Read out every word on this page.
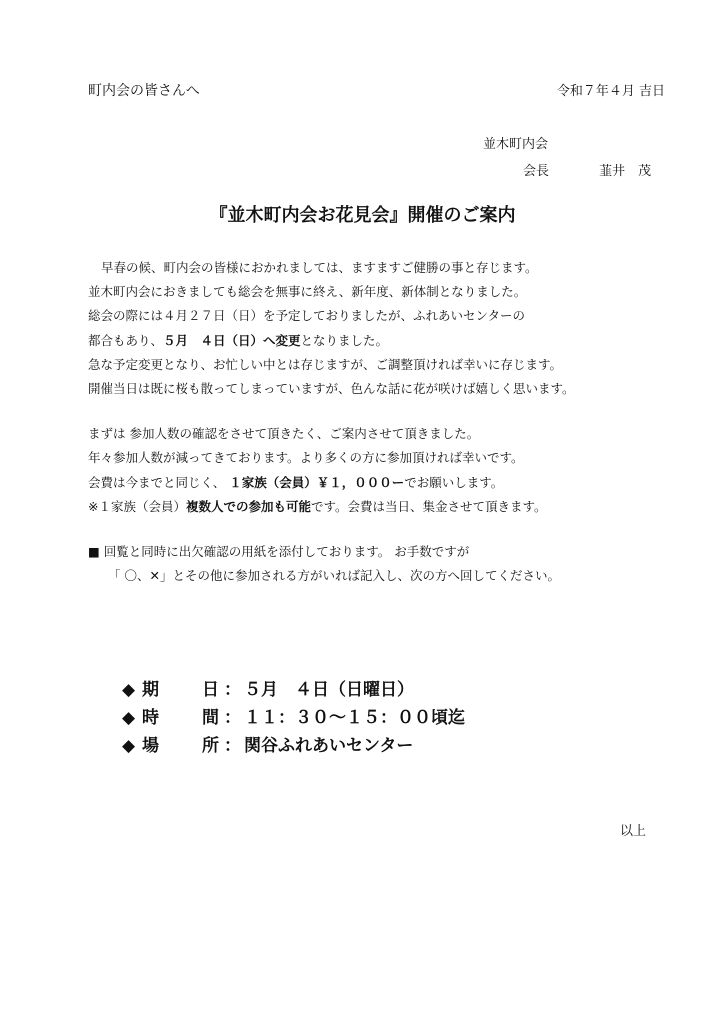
町内会の皆さんへ	令和７年４月 吉日
並木町内会
会長	韮井　茂
『並木町内会お花見会』開催のご案内
早春の候、町内会の皆様におかれましては、ますますご健勝の事と存じます。
並木町内会におきましても総会を無事に終え、新年度、新体制となりました。
総会の際には４月２７日（日）を予定しておりましたが、ふれあいセンターの
都合もあり、５月　４日（日）へ変更となりました。
急な予定変更となり、お忙しい中とは存じますが、ご調整頂ければ幸いに存じます。
開催当日は既に桜も散ってしまっていますが、色んな話に花が咲けば嬉しく思います。
まずは 参加人数の確認をさせて頂きたく、ご案内させて頂きました。
年々参加人数が減ってきております。より多くの方に参加頂ければ幸いです。
会費は今までと同じく、 １家族（会員）￥１，０００ーでお願いします。
※１家族（会員）複数人での参加も可能です。会費は当日、集金させて頂きます。
■ 回覧と同時に出欠確認の用紙を添付しております。 お手数ですが
「 〇、✕」とその他に参加される方がいれば記入し、次の方へ回してください。
◆ 期	日 ： ５月　４日（日曜日）
◆ 時	間 ： １１：３０～１５：００頃迄
◆ 場	所 ： 関谷ふれあいセンター
以上
